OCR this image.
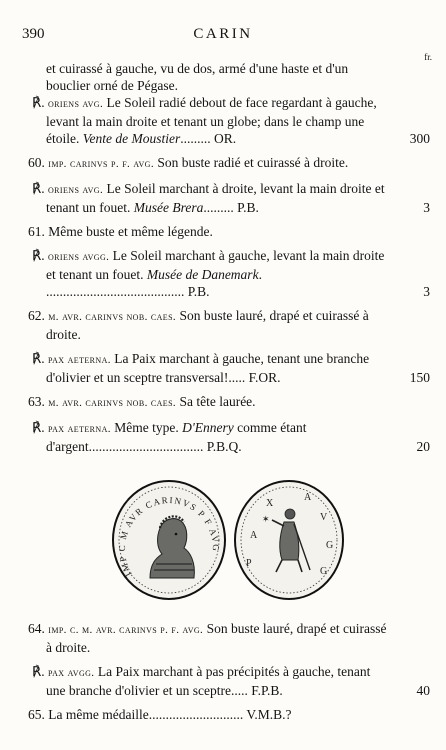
390	CARIN
fr.

et cuirassé à gauche, vu de dos, armé d'une haste et d'un bouclier orné de Pégase.

℟. oriens avg. Le Soleil radié debout de face regardant à gauche, levant la main droite et tenant un globe; dans le champ une étoile. Vente de Moustier......... OR.	300

60. imp. carinvs p. f. avg. Son buste radié et cuirassé à droite.

℟. oriens avg. Le Soleil marchant à droite, levant la main droite et tenant un fouet. Musée Brera......... P.B.	3

61. Même buste et même légende.

℟. oriens avgg. Le Soleil marchant à gauche, levant la main droite et tenant un fouet. Musée de Danemark. ......................................... P.B.	3

62. m. avr. carinvs nob. caes. Son buste lauré, drapé et cuirassé à droite.

℟. pax aeterna. La Paix marchant à gauche, tenant une branche d'olivier et un sceptre transversal!..... F.OR.	150

63. m. avr. carinvs nob. caes. Sa tête laurée.

℟. pax aeterna. Même type. D'Ennery comme étant d'argent.................................. P.B.Q.	20

IMP C M AVR CARINVS P F AVG
P
A
X
A
V
G
G
✶

64. imp. c. m. avr. carinvs p. f. avg. Son buste lauré, drapé et cuirassé à droite.

℟. pax avgg. La Paix marchant à pas précipités à gauche, tenant une branche d'olivier et un sceptre..... F.P.B.	40

65. La même médaille............................ V.M.B.?
